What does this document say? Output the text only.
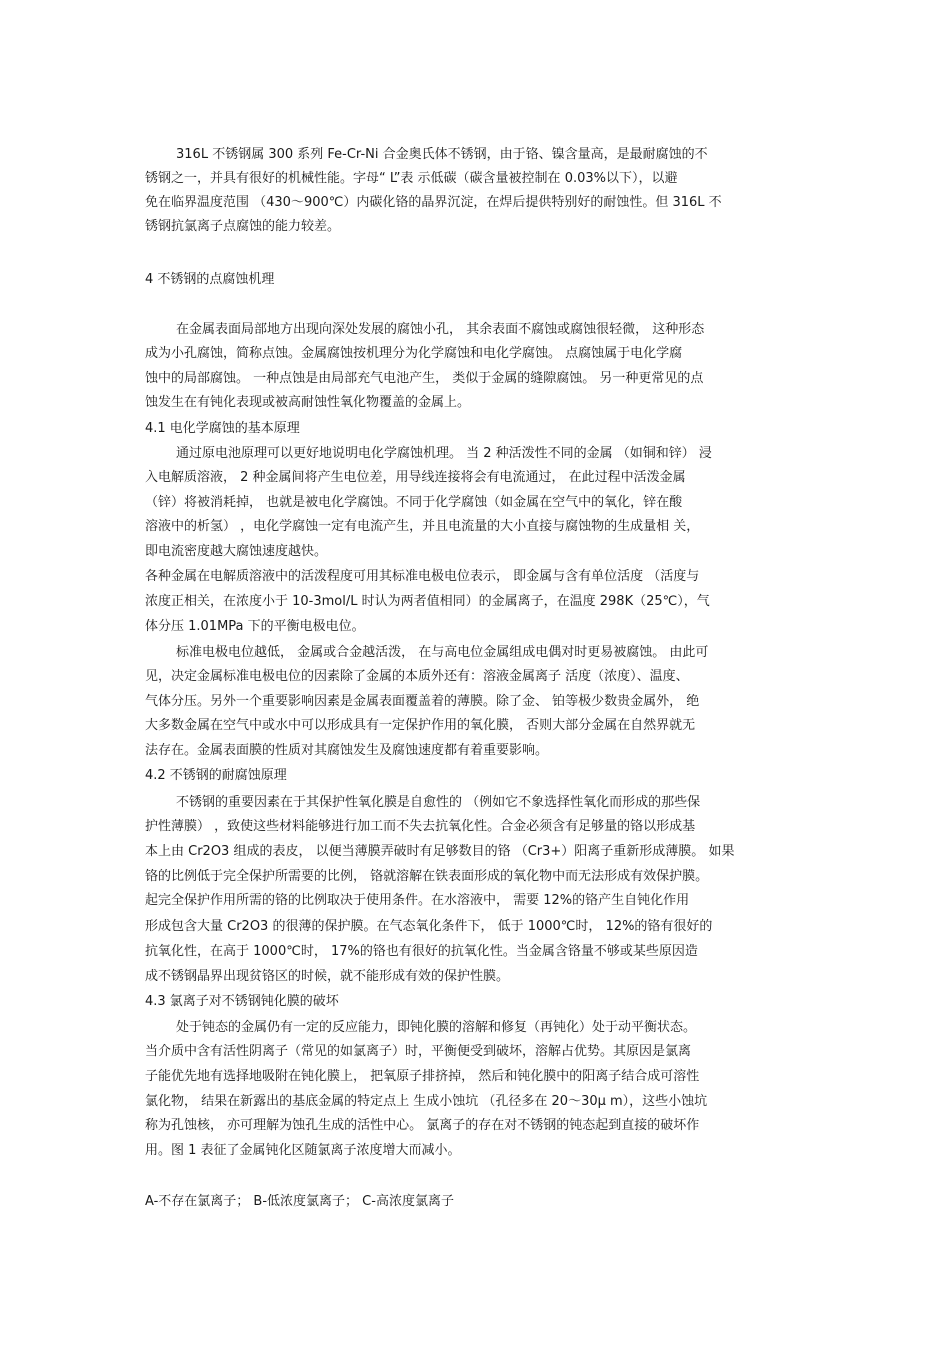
316L 不锈钢属 300 系列 Fe-Cr-Ni 合金奥氏体不锈钢，由于铬、镍含量高，是最耐腐蚀的不
锈钢之一，并具有很好的机械性能。字母“ L”表 示低碳（碳含量被控制在 0.03%以下），以避
免在临界温度范围 （430～900℃）内碳化铬的晶界沉淀，在焊后提供特别好的耐蚀性。但 316L 不
锈钢抗氯离子点腐蚀的能力较差。
4 不锈钢的点腐蚀机理
在金属表面局部地方出现向深处发展的腐蚀小孔， 其余表面不腐蚀或腐蚀很轻微， 这种形态
成为小孔腐蚀，简称点蚀。金属腐蚀按机理分为化学腐蚀和电化学腐蚀。 点腐蚀属于电化学腐
蚀中的局部腐蚀。 一种点蚀是由局部充气电池产生， 类似于金属的缝隙腐蚀。 另一种更常见的点
蚀发生在有钝化表现或被高耐蚀性氧化物覆盖的金属上。
4.1 电化学腐蚀的基本原理
通过原电池原理可以更好地说明电化学腐蚀机理。 当 2 种活泼性不同的金属 （如铜和锌） 浸
入电解质溶液， 2 种金属间将产生电位差，用导线连接将会有电流通过， 在此过程中活泼金属
（锌）将被消耗掉， 也就是被电化学腐蚀。不同于化学腐蚀（如金属在空气中的氧化，锌在酸
溶液中的析氢） ，电化学腐蚀一定有电流产生，并且电流量的大小直接与腐蚀物的生成量相 关，
即电流密度越大腐蚀速度越快。
各种金属在电解质溶液中的活泼程度可用其标准电极电位表示， 即金属与含有单位活度 （活度与
浓度正相关，在浓度小于 10-3mol/L 时认为两者值相同）的金属离子，在温度 298K（25℃），气
体分压 1.01MPa 下的平衡电极电位。
标准电极电位越低， 金属或合金越活泼， 在与高电位金属组成电偶对时更易被腐蚀。 由此可
见，决定金属标准电极电位的因素除了金属的本质外还有：溶液金属离子 活度（浓度）、温度、
气体分压。另外一个重要影响因素是金属表面覆盖着的薄膜。除了金、 铂等极少数贵金属外， 绝
大多数金属在空气中或水中可以形成具有一定保护作用的氧化膜， 否则大部分金属在自然界就无
法存在。金属表面膜的性质对其腐蚀发生及腐蚀速度都有着重要影响。
4.2 不锈钢的耐腐蚀原理
不锈钢的重要因素在于其保护性氧化膜是自愈性的 （例如它不象选择性氧化而形成的那些保
护性薄膜） ，致使这些材料能够进行加工而不失去抗氧化性。合金必须含有足够量的铬以形成基
本上由 Cr2O3 组成的表皮， 以便当薄膜弄破时有足够数目的铬 （Cr3+）阳离子重新形成薄膜。 如果
铬的比例低于完全保护所需要的比例， 铬就溶解在铁表面形成的氧化物中而无法形成有效保护膜。
起完全保护作用所需的铬的比例取决于使用条件。在水溶液中， 需要 12%的铬产生自钝化作用
形成包含大量 Cr2O3 的很薄的保护膜。在气态氧化条件下， 低于 1000℃时， 12%的铬有很好的
抗氧化性，在高于 1000℃时， 17%的铬也有很好的抗氧化性。当金属含铬量不够或某些原因造
成不锈钢晶界出现贫铬区的时候，就不能形成有效的保护性膜。
4.3 氯离子对不锈钢钝化膜的破坏
处于钝态的金属仍有一定的反应能力，即钝化膜的溶解和修复（再钝化）处于动平衡状态。
当介质中含有活性阴离子（常见的如氯离子）时，平衡便受到破坏，溶解占优势。其原因是氯离
子能优先地有选择地吸附在钝化膜上， 把氧原子排挤掉， 然后和钝化膜中的阳离子结合成可溶性
氯化物， 结果在新露出的基底金属的特定点上 生成小蚀坑 （孔径多在 20～30μ m），这些小蚀坑
称为孔蚀核， 亦可理解为蚀孔生成的活性中心。 氯离子的存在对不锈钢的钝态起到直接的破坏作
用。图 1 表征了金属钝化区随氯离子浓度增大而减小。
A-不存在氯离子； B-低浓度氯离子； C-高浓度氯离子
